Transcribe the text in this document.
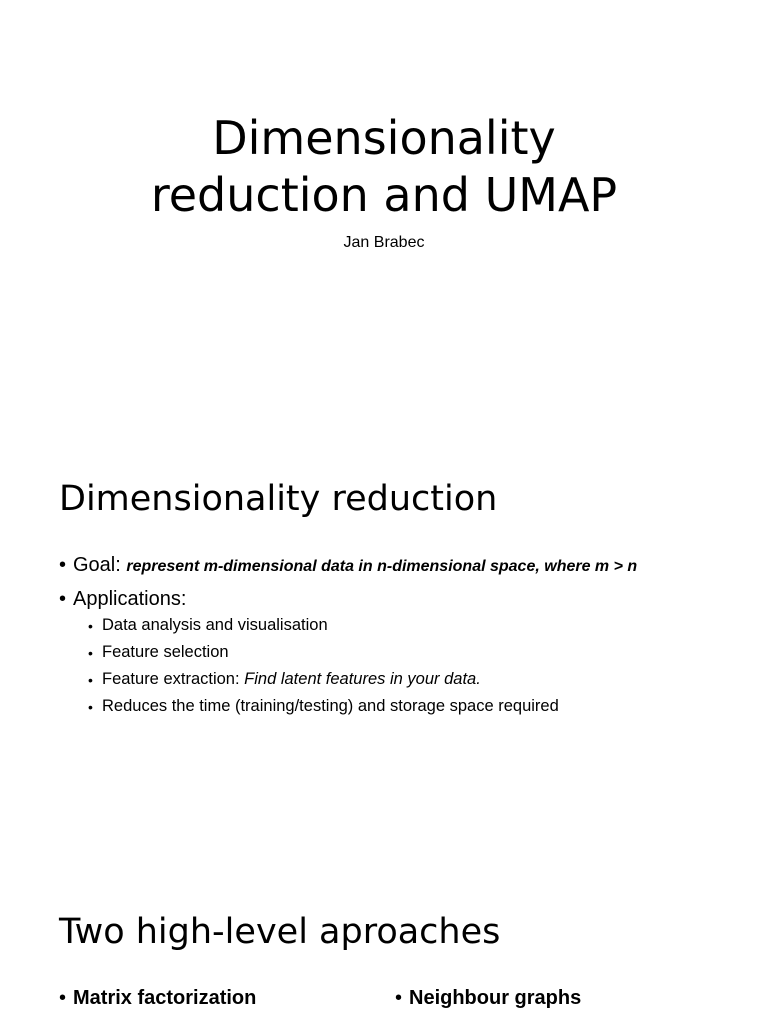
Dimensionality
reduction and UMAP
Jan Brabec
Dimensionality reduction
• Goal: represent m-dimensional data in n-dimensional space, where m > n
• Applications:
• Data analysis and visualisation
• Feature selection
• Feature extraction: Find latent features in your data.
• Reduces the time (training/testing) and storage space required
Two high-level aproaches
• Matrix factorization	• Neighbour graphs
